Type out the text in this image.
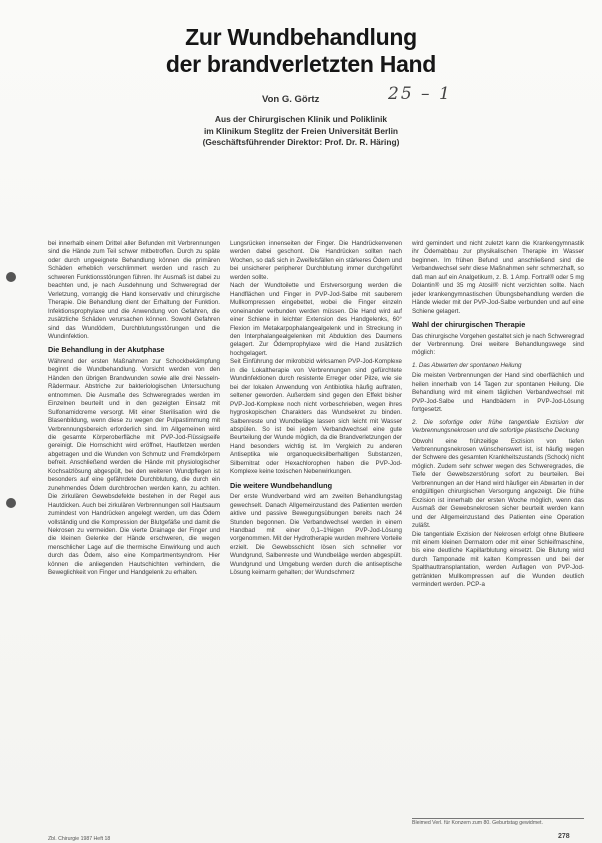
Zur Wundbehandlung
der brandverletzten Hand
Von G. Görtz	25 – 1
Aus der Chirurgischen Klinik und Poliklinik
im Klinikum Steglitz der Freien Universität Berlin
(Geschäftsführender Direktor: Prof. Dr. R. Häring)

bei innerhalb einem Drittel aller Befunden mit Verbrennungen sind die Hände zum Teil schwer mitbetroffen. Durch zu späte oder durch ungeeignete Behandlung können die primären Schäden erheblich verschlimmert werden und rasch zu schweren Funktionsstörungen führen. Ihr Ausmaß ist dabei zu beachten und, je nach Ausdehnung und Schweregrad der Verletzung, vorrangig die Hand konservativ und chirurgische Therapie. Die Behandlung dient der Erhaltung der Funktion. Infektionsprophylaxe und die Anwendung von Gefahren, die zusätzliche Schäden verursachen können. Sowohl Gefahren sind das Wundödem, Durchblutungsstörungen und die Wundinfektion.

Die Behandlung in der Akutphase

Während der ersten Maßnahmen zur Schockbekämpfung beginnt die Wundbehandlung. Vorsicht werden von den Händen den übrigen Brandwunden sowie alle drei Nesseln-Rädermaur. Abstriche zur bakteriologischen Untersuchung entnommen. Die Ausmaße des Schweregrades werden im Einzelnen beurteilt und in den gezeigten Einsatz mit Sulfonamidcreme versorgt. Mit einer Sterilisation wird die Blasenbildung, wenn diese zu wegen der Pulpastimmung mit Verbrennungsbereich erforderlich sind. Im Allgemeinen wird die gesamte Körperoberfläche mit PVP-Jod-Flüssigseife gereinigt. Die Hornschicht wird eröffnet, Hautfetzen werden abgetragen und die Wunden von Schmutz und Fremdkörpern befreit. Anschließend werden die Hände mit physiologischer Kochsalzlösung abgespült, bei den weiteren Wundpflegen ist besonders auf eine gefährdete Durchblutung, die durch ein zunehmendes Ödem durchbrochen werden kann, zu achten. Die zirkulären Gewebsdefekte bestehen in der Regel aus Hautdicken. Auch bei zirkulären Verbrennungen soll Hautsaum zumindest von Handrücken angelegt werden, um das Ödem vollständig und die Kompression der Blutgefäße und damit die Nekrosen zu vermeiden. Die vierte Drainage der Finger und die kleinen Gelenke der Hände erschweren, die wegen menschlicher Lage auf die thermische Einwirkung und auch durch das Ödem, also eine Kompartmentsyndrom. Hier können die anliegenden Hautschichten verhindern, die Beweglichkeit von Finger und Handgelenk zu erhalten.

Lungsrücken innenseiten der Finger. Die Handrückenvenen werden dabei geschont. Die Handrücken sollten nach Wochen, so daß sich in Zweifelsfällen ein stärkeres Ödem und bei unsicherer peripherer Durchblutung immer durchgeführt werden sollte.

Nach der Wundtoilette und Erstversorgung werden die Handflächen und Finger in PVP-Jod-Salbe mit sauberem Mullkompressen eingebettet, wobei die Finger einzeln voneinander verbunden werden müssen. Die Hand wird auf einer Schiene in leichter Extension des Handgelenks, 60° Flexion im Metakarpophalangealgelenk und in Streckung in den Interphalangealgelenken mit Abduktion des Daumens gelagert. Zur Ödemprophylaxe wird die Hand zusätzlich hochgelagert.

Seit Einführung der mikrobizid wirksamen PVP-Jod-Komplexe in die Lokaltherapie von Verbrennungen sind gefürchtete Wundinfektionen durch resistente Erreger oder Pilze, wie sie bei der lokalen Anwendung von Antibiotika häufig auftraten, seltener geworden. Außerdem sind gegen den Effekt bisher PVP-Jod-Komplexe noch nicht vorbeschrieben, wegen ihres hygroskopischen Charakters das Wundsekret zu binden. Salbenreste und Wundbeläge lassen sich leicht mit Wasser abspülen. So ist bei jedem Verbandwechsel eine gute Beurteilung der Wunde möglich, da die Brandverletzungen der Hand besonders wichtig ist. Im Vergleich zu anderen Antiseptika wie organoquecksilberhaltigen Substanzen, Silbernitrat oder Hexachlorophen haben die PVP-Jod-Komplexe keine toxischen Nebenwirkungen.

Die weitere Wundbehandlung

Der erste Wundverband wird am zweiten Behandlungstag gewechselt. Danach Allgemeinzustand des Patienten werden aktive und passive Bewegungsübungen bereits nach 24 Stunden begonnen. Die Verbandwechsel werden in einem Handbad mit einer 0,1–1%igen PVP-Jod-Lösung vorgenommen. Mit der Hydrotherapie wurden mehrere Vorteile erzielt. Die Gewebsschicht lösen sich schneller vor Wundgrund, Salbenreste und Wundbeläge werden abgespült. Wundgrund und Umgebung werden durch die antiseptische Lösung keimarm gehalten; der Wundschmerz

wird gemindert und nicht zuletzt kann die Krankengymnastik ihr Ödemabbau zur physikalischen Therapie im Wasser beginnen. Im frühen Befund und anschließend sind die Verbandwechsel sehr diese Maßnahmen sehr schmerzhaft, so daß man auf ein Analgetikum, z. B. 1 Amp. Fortral® oder 5 mg Dolantin® und 35 mg Atosil® nicht verzichten sollte. Nach jeder krankengymnastischen Übungsbehandlung werden die Hände wieder mit der PVP-Jod-Salbe verbunden und auf eine Schiene gelagert.

Wahl der chirurgischen Therapie

Das chirurgische Vorgehen gestaltet sich je nach Schweregrad der Verbrennung. Drei weitere Behandlungswege sind möglich:

1. Das Abwarten der spontanen Heilung

Die meisten Verbrennungen der Hand sind oberflächlich und heilen innerhalb von 14 Tagen zur spontanen Heilung. Die Behandlung wird mit einem täglichen Verbandwechsel mit PVP-Jod-Salbe und Handbädern in PVP-Jod-Lösung fortgesetzt.

2. Die sofortige oder frühe tangentiale Exzision der Verbrennungsnekrosen und die sofortige plastische Deckung

Obwohl eine frühzeitige Exzision von tiefen Verbrennungsnekrosen wünschenswert ist, ist häufig wegen der Schwere des gesamten Krankheitszustands (Schock) nicht möglich. Zudem sehr schwer wegen des Schweregrades, die Tiefe der Gewebszerstörung sofort zu beurteilen. Bei Verbrennungen an der Hand wird häufiger ein Abwarten in der endgültigen chirurgischen Versorgung angezeigt. Die frühe Exzision ist innerhalb der ersten Woche möglich, wenn das Ausmaß der Gewebsnekrosen sicher beurteilt werden kann und der Allgemeinzustand des Patienten eine Operation zuläßt.

Die tangentiale Exzision der Nekrosen erfolgt ohne Blutleere mit einem kleinen Dermatom oder mit einer Schleifmaschine, bis eine deutliche Kapillarblutung einsetzt. Die Blutung wird durch Tamponade mit kalten Kompressen und bei der Spalthauttransplantation, werden Auflagen von PVP-Jod-getränkten Mullkompressen auf die Wunden deutlich vermindert werden. PCP-a

Bleimed Verl. für Konzern zum 80. Geburtstag gewidmet.
Zbl. Chirurgie 1987 Heft 18	278
